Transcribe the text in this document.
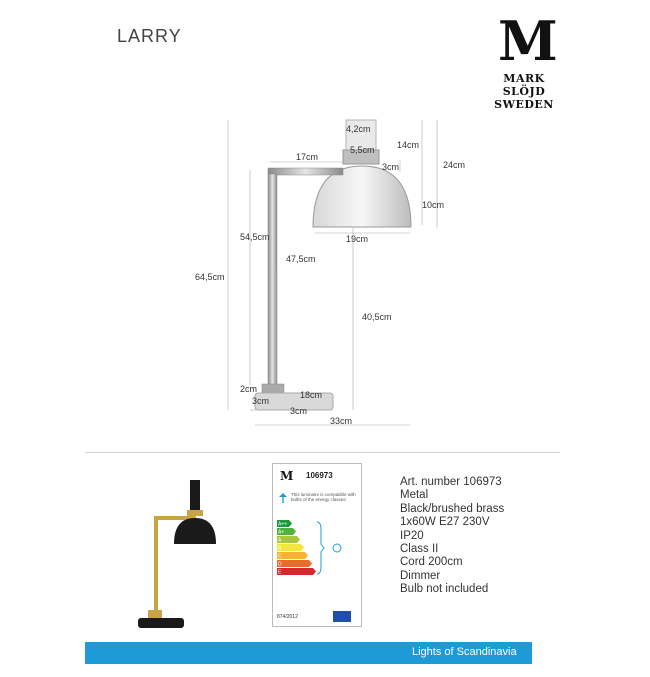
LARRY	M
MARK
SLÖJD
SWEDEN
4,2cm
5,5cm
17cm
14cm
3cm	24cm
10cm
19cm
54,5cm
47,5cm
64,5cm
40,5cm
2cm
18cm
3cm
3cm
33cm
M 106973
This luminaire is compatible with bulbs of the energy classes:
A++
A+
A
B
C
D
E
874/2012
Art. number 106973
Metal
Black/brushed brass
1x60W E27 230V
IP20
Class II
Cord 200cm
Dimmer
Bulb not included
Lights of Scandinavia
